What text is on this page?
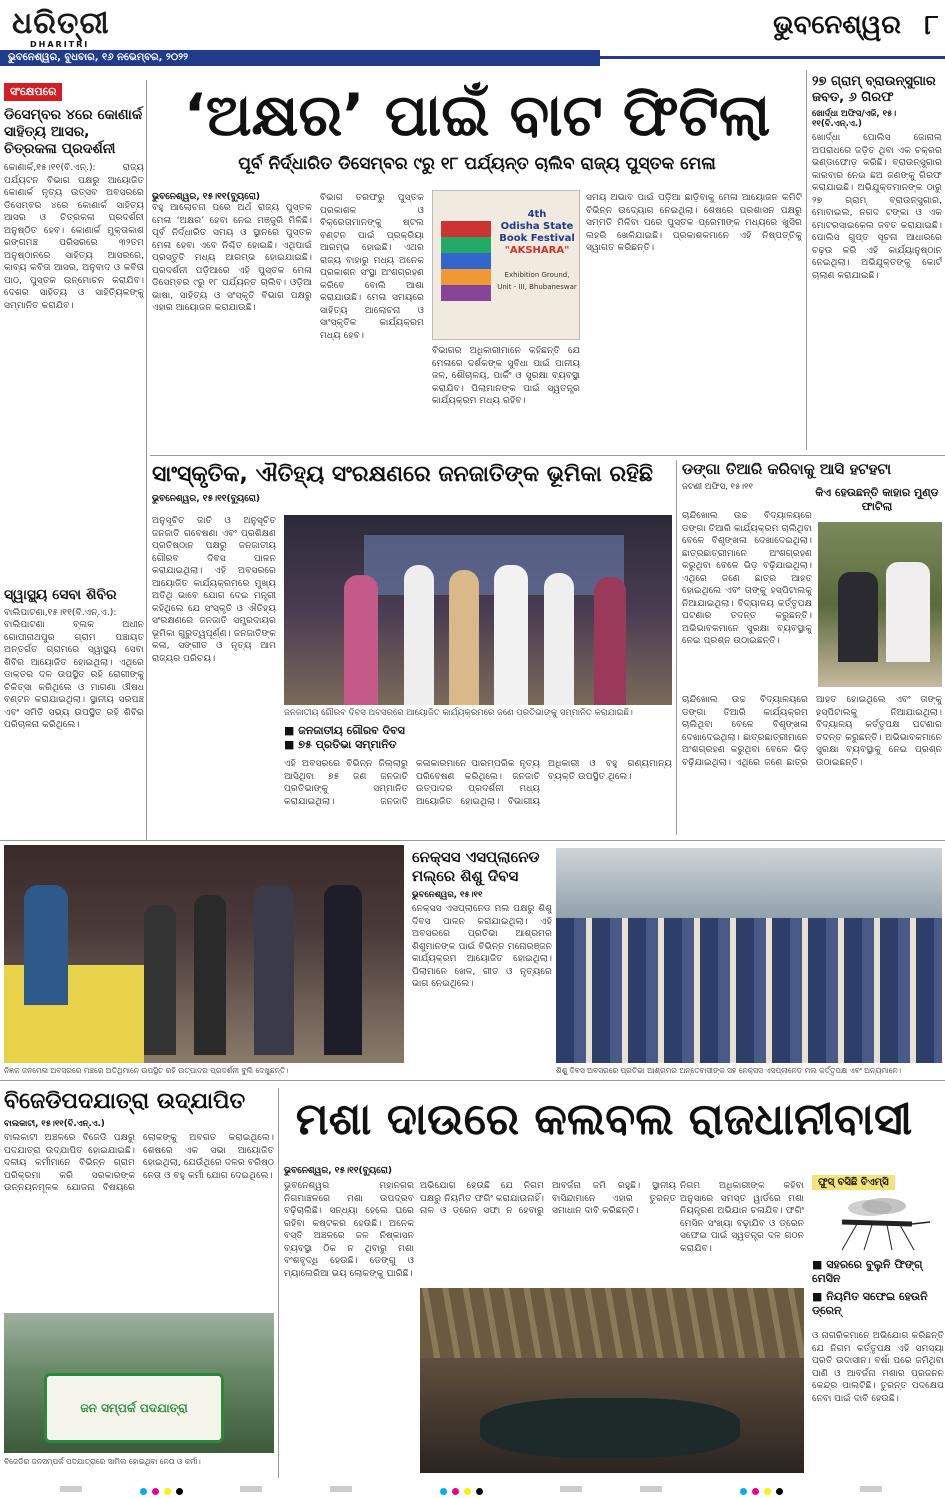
ଧରିତ୍ରୀ
DHARITRI
ଭୁବନେଶ୍ୱର, ବୁଧବାର, ୧୬ ନଭେମ୍ବର, ୨୦୨୨
ଭୁବନେଶ୍ୱର ୮
ସଂକ୍ଷେପରେ
ଡିସେମ୍ବର ୪ରେ କୋଣାର୍କ ସାହିତ୍ୟ ଆସର, ଚିତ୍ରକଳା ପ୍ରଦର୍ଶନୀ
କୋଣାର୍କ,୧୫।୧୧(ବି.ଏନ୍.): ରାଜ୍ୟ ପର୍ଯ୍ୟଟନ ବିଭାଗ ପକ୍ଷରୁ ଆୟୋଜିତ କୋଣାର୍କ ନୃତ୍ୟ ଉତ୍ସବ ଅବସରରେ ଡିସେମ୍ବର ୪ରେ କୋଣାର୍କ ସାହିତ୍ୟ ଆସର ଓ ଚିତ୍ରକଳା ପ୍ରଦର୍ଶନୀ ଅନୁଷ୍ଠିତ ହେବ। କୋଣାର୍କ ମୁକ୍ତାକାଶ ରଙ୍ଗମଞ୍ଚ ପରିସରରେ ୩୨ତମ ଅନୁଷ୍ଠାନରେ ସାହିତ୍ୟ ଆସରରେ, କାବ୍ୟ କବିତା ଆସର, ଅନୁବାଦ ଓ କବିତା ପାଠ, ପୁସ୍ତକ ଉନ୍ମୋଚନ କରାଯିବ। ଦେଶର ସାହିତ୍ୟ ଓ ସାହିତ୍ୟିକଙ୍କୁ ସମ୍ମାନିତ କରାଯିବ।
ସ୍ୱାସ୍ଥ୍ୟ ସେବା ଶିବିର
ବାଲିପାଟଣା,୧୫।୧୧(ବି.ଏନ୍.ଏ.): ବାଲିପାଟଣା ବ୍ଲକ ଅଧୀନ ଗୋପୀନାଥପୁର ଗ୍ରାମ ପଞ୍ଚାୟତ ଅନ୍ତର୍ଗତ ଗ୍ରାମରେ ସ୍ୱାସ୍ଥ୍ୟ ସେବା ଶିବିର ଆୟୋଜିତ ହୋଇଥିଲା। ଏଥିରେ ଡାକ୍ତର ଦଳ ଉପସ୍ଥିତ ରହି ରୋଗୀଙ୍କୁ ଚିକିତ୍ସା କରିଥିଲେ ଓ ମାଗଣା ଔଷଧ ବଣ୍ଟନ କରାଯାଇଥିଲା। ସ୍ଥାନୀୟ ସରପଞ୍ଚ ଏବଂ ସମିତି ସଭ୍ୟ ଉପସ୍ଥିତ ରହି ଶିବିର ପରିଚାଳନା କରିଥିଲେ।
‘ଅକ୍ଷର’ ପାଇଁ ବାଟ ଫିଟିଲା
ପୂର୍ବ ନିର୍ଦ୍ଧାରିତ ଡିସେମ୍ବର ୯ରୁ ୧୮ ପର୍ଯ୍ୟନ୍ତ ଚାଲିବ ରାଜ୍ୟ ପୁସ୍ତକ ମେଳା
ଭୁବନେଶ୍ୱର, ୧୫।୧୧(ବ୍ୟୁରୋ)
ବହୁ ଆଲୋଚନା ପରେ ଅର୍ଥ ରାଜ୍ୟ ପୁସ୍ତକ ମେଳା ‘ଅକ୍ଷର’ ହେବା ନେଇ ମଞ୍ଜୁରି ମିଳିଛି। ପୂର୍ବ ନିର୍ଦ୍ଧାରିତ ସମୟ ଓ ସ୍ଥାନରେ ପୁସ୍ତକ ମେଳା ହେବା ଏବେ ନିଶ୍ଚିତ ହୋଇଛି। ଏଥିପାଇଁ ପ୍ରସ୍ତୁତି ମଧ୍ୟ ଆରମ୍ଭ ହୋଇଯାଇଛି। ପ୍ରଦର୍ଶନୀ ପଡ଼ିଆରେ ଏହି ପୁସ୍ତକ ମେଳା ଡିସେମ୍ବର ୯ରୁ ୧୮ ପର୍ଯ୍ୟନ୍ତ ଚାଲିବ। ଓଡ଼ିଆ ଭାଷା, ସାହିତ୍ୟ ଓ ସଂସ୍କୃତି ବିଭାଗ ପକ୍ଷରୁ ଏହାର ଆୟୋଜନ କରାଯାଉଛି।
ବିଭାଗ ତରଫରୁ ପୁସ୍ତକ ପ୍ରକାଶକ ଓ ବିକ୍ରେତାମାନଙ୍କୁ ଷ୍ଟଲ ବଣ୍ଟନ ପାଇଁ ପ୍ରକ୍ରିୟା ଆରମ୍ଭ ହୋଇଛି। ଏଥର ରାଜ୍ୟ ବାହାରୁ ମଧ୍ୟ ଅନେକ ପ୍ରକାଶନ ସଂସ୍ଥା ଅଂଶଗ୍ରହଣ କରିବେ ବୋଲି ଆଶା କରାଯାଉଛି। ମେଳା ସମୟରେ ସାହିତ୍ୟ ଆଲୋଚନା ଓ ସାଂସ୍କୃତିକ କାର୍ଯ୍ୟକ୍ରମ ମଧ୍ୟ ହେବ।
4th
Odisha State
Book Festival
"AKSHARA"
Exhibition Ground,
Unit - III, Bhubaneswar
ବିଭାଗର ଅଧିକାରୀମାନେ କହିଛନ୍ତି ଯେ ମେଳାରେ ଦର୍ଶକଙ୍କ ସୁବିଧା ପାଇଁ ପାନୀୟ ଜଳ, ଶୌଚାଳୟ, ପାର୍କିଂ ଓ ସୁରକ୍ଷା ବ୍ୟବସ୍ଥା କରାଯିବ। ପିଲାମାନଙ୍କ ପାଇଁ ସ୍ୱତନ୍ତ୍ର କାର୍ଯ୍ୟକ୍ରମ ମଧ୍ୟ ରହିବ।
ସମୟ ଅଭାବ ପାଇଁ ପଡ଼ିଆ ଛାଡ଼ିବାକୁ ମେଳା ଆୟୋଜନ କମିଟି ବିଭିନ୍ନ ଉଦ୍ୟୋଗ ନେଇଥିଲା। ଶେଷରେ ପ୍ରଶାସନ ପକ୍ଷରୁ ସମ୍ମତି ମିଳିବା ପରେ ପୁସ୍ତକ ପ୍ରେମୀଙ୍କ ମଧ୍ୟରେ ଖୁସିର ଲହରି ଖେଳିଯାଇଛି। ପ୍ରକାଶକମାନେ ଏହି ନିଷ୍ପତ୍ତିକୁ ସ୍ୱାଗତ କରିଛନ୍ତି।
୨୭ ଗ୍ରାମ୍ ବ୍ରାଉନ୍‌ସୁଗାର ଜବତ, ୬ ଗିରଫ
ଖୋର୍ଦ୍ଧା ଅଫିସ/ଏଜି, ୧୫।୧୧(ବି.ଏନ୍.ଏ.)
ଖୋର୍ଦ୍ଧା ପୋଲିସ ଜୋନାଲ ଅପରାଧରେ ଜଡ଼ିତ ଥିବା ଏକ ଚକ୍ରର ଭଣ୍ଡାଫୋଡ଼ କରିଛି। ବ୍ରାଉନ୍‌ସୁଗାର କାରବାର ନେଇ ଛଅ ଜଣଙ୍କୁ ଗିରଫ କରାଯାଇଛି। ଅଭିଯୁକ୍ତମାନଙ୍କ ଠାରୁ ୨୭ ଗ୍ରାମ୍ ବ୍ରାଉନ୍‌ସୁଗାର, ମୋବାଇଲ, ନଗଦ ଟଙ୍କା ଓ ଏକ ମୋଟରସାଇକେଲ ଜବତ କରାଯାଇଛି। ପୋଲିସ ଗୁପ୍ତ ସୂଚନା ଆଧାରରେ ଚଢ଼ଉ କରି ଏହି କାର୍ଯ୍ୟାନୁଷ୍ଠାନ ନେଇଥିଲା। ଅଭିଯୁକ୍ତଙ୍କୁ କୋର୍ଟ ଚାଲାଣ କରାଯାଇଛି।
ସାଂସ୍କୃତିକ, ଐତିହ୍ୟ ସଂରକ୍ଷଣରେ ଜନଜାତିଙ୍କ ଭୂମିକା ରହିଛି
ଭୁବନେଶ୍ୱର, ୧୫।୧୧(ବ୍ୟୁରୋ)
ଅନୁସୂଚିତ ଜାତି ଓ ଅନୁସୂଚିତ ଜନଜାତି ଗବେଷଣା ଏବଂ ପ୍ରଶିକ୍ଷଣ ପ୍ରତିଷ୍ଠାନ ପକ୍ଷରୁ ଜନଜାତୀୟ ଗୌରବ ଦିବସ ପାଳନ କରାଯାଇଥିଲା। ଏହି ଅବସରରେ ଆୟୋଜିତ କାର୍ଯ୍ୟକ୍ରମରେ ମୁଖ୍ୟ ଅତିଥି ଭାବେ ଯୋଗ ଦେଇ ମନ୍ତ୍ରୀ କହିଥିଲେ ଯେ ସଂସ୍କୃତି ଓ ଐତିହ୍ୟ ସଂରକ୍ଷଣରେ ଜନଜାତି ସମ୍ପ୍ରଦାୟର ଭୂମିକା ଗୁରୁତ୍ୱପୂର୍ଣ୍ଣ। ଜନଜାତିଙ୍କ କଳା, ସଙ୍ଗୀତ ଓ ନୃତ୍ୟ ଆମ ରାଜ୍ୟର ପରିଚୟ।
ଜନଜାତୀୟ ଗୌରବ ଦିବସ ଅବସରରେ ଆୟୋଜିତ କାର୍ଯ୍ୟକ୍ରମରେ ଜଣେ ପ୍ରତିଭାଙ୍କୁ ସମ୍ମାନିତ କରାଯାଇଛି।
■ ଜନଜାତୀୟ ଗୌରବ ଦିବସ
■ ୭୫ ପ୍ରତିଭା ସମ୍ମାନିତ
ଏହି ଅବସରରେ ବିଭିନ୍ନ ଜିଲ୍ଲାରୁ ଆସିଥିବା ୭୫ ଜଣ ଜନଜାତି ପ୍ରତିଭାଙ୍କୁ ସମ୍ମାନିତ କରାଯାଇଥିଲା। ଜନଜାତି କଳାକାରମାନେ ପାରମ୍ପରିକ ନୃତ୍ୟ ପରିବେଷଣ କରିଥିଲେ। ଜନଜାତି ଉତ୍ପାଦର ପ୍ରଦର୍ଶନୀ ମଧ୍ୟ ଆୟୋଜିତ ହୋଇଥିଲା। ବିଭାଗୀୟ ଅଧିକାରୀ ଓ ବହୁ ଗଣ୍ୟମାନ୍ୟ ବ୍ୟକ୍ତି ଉପସ୍ଥିତ ଥିଲେ।
ଡଙ୍ଗା ତିଆରି କରିବାକୁ ଆସି ହଟହଟା
କିଏ ହେଉଛନ୍ତି କାହାର ମୁଣ୍ଡ ଫାଟିଲା
ଜଟଣୀ ଅଫିସ, ୧୫।୧୧
ଚାନ୍ଦିଖୋଲ ଉଚ୍ଚ ବିଦ୍ୟାଳୟରେ ଡଙ୍ଗା ତିଆରି କାର୍ଯ୍ୟକ୍ରମ ଚାଲିଥିବା ବେଳେ ବିଶୃଙ୍ଖଳା ଦେଖାଦେଇଥିଲା। ଛାତ୍ରଛାତ୍ରୀମାନେ ଅଂଶଗ୍ରହଣ କରୁଥିବା ବେଳେ ଭିଡ଼ ବଢ଼ିଯାଇଥିଲା। ଏଥିରେ ଜଣେ ଛାତ୍ର ଆହତ ହୋଇଥିଲେ ଏବଂ ତାଙ୍କୁ ହସ୍ପିଟାଲକୁ ନିଆଯାଇଥିଲା। ବିଦ୍ୟାଳୟ କର୍ତ୍ତୃପକ୍ଷ ଘଟଣାର ତଦନ୍ତ କରୁଛନ୍ତି। ଅଭିଭାବକମାନେ ସୁରକ୍ଷା ବ୍ୟବସ୍ଥାକୁ ନେଇ ପ୍ରଶ୍ନ ଉଠାଇଛନ୍ତି।
ଚାନ୍ଦିଖୋଲ ଉଚ୍ଚ ବିଦ୍ୟାଳୟରେ ଡଙ୍ଗା ତିଆରି କାର୍ଯ୍ୟକ୍ରମ ଚାଲିଥିବା ବେଳେ ବିଶୃଙ୍ଖଳା ଦେଖାଦେଇଥିଲା। ଛାତ୍ରଛାତ୍ରୀମାନେ ଅଂଶଗ୍ରହଣ କରୁଥିବା ବେଳେ ଭିଡ଼ ବଢ଼ିଯାଇଥିଲା। ଏଥିରେ ଜଣେ ଛାତ୍ର ଆହତ ହୋଇଥିଲେ ଏବଂ ତାଙ୍କୁ ହସ୍ପିଟାଲକୁ ନିଆଯାଇଥିଲା। ବିଦ୍ୟାଳୟ କର୍ତ୍ତୃପକ୍ଷ ଘଟଣାର ତଦନ୍ତ କରୁଛନ୍ତି। ଅଭିଭାବକମାନେ ସୁରକ୍ଷା ବ୍ୟବସ୍ଥାକୁ ନେଇ ପ୍ରଶ୍ନ ଉଠାଇଛନ୍ତି।
ନିଜ୍ଞକ ଜନମେଳା ଅବସରରେ ମଞ୍ଚରେ ଅତିଥିମାନେ ଉପସ୍ଥିତ ରହି ଉତ୍ପାଦର ପ୍ରଦର୍ଶନୀ ବୁଲି ଦେଖୁଛନ୍ତି।
ନେକ୍ସସ ଏସପ୍ଲାନେଡ ମଲ୍‌ରେ ଶିଶୁ ଦିବସ
ଭୁବନେଶ୍ୱର, ୧୫।୧୧
ନେକ୍ସସ ଏସପ୍ଲାନେଡ ମଲ ପକ୍ଷରୁ ଶିଶୁ ଦିବସ ପାଳନ କରାଯାଇଥିଲା। ଏହି ଅବସରରେ ପ୍ରତିଭା ଆଶ୍ରମର ଶିଶୁମାନଙ୍କ ପାଇଁ ବିଭିନ୍ନ ମନୋରଞ୍ଜନ କାର୍ଯ୍ୟକ୍ରମ ଆୟୋଜିତ ହୋଇଥିଲା। ପିଲାମାନେ ଖେଳ, ଗୀତ ଓ ନୃତ୍ୟରେ ଭାଗ ନେଇଥିଲେ।
ଶିଶୁ ଦିବସ ଅବସରରେ ପ୍ରତିଭା ଆଶ୍ରମର ଅନ୍ତେବାସୀଙ୍କ ସହ ନେକ୍ସସ ଏସପ୍ଲାନେଡ ମଲ କର୍ତ୍ତୃପକ୍ଷ ଏବଂ ଅନ୍ୟମାନେ।
ବିଜେଡିପଦଯାତ୍ରା ଉଦ୍‌ଯାପିତ
ବାଲକାଟୀ, ୧୫।୧୧(ବି.ଏନ୍.ଏ.)
ବାଲକାଟୀ ଅଞ୍ଚଳରେ ବିଜେଡି ପକ୍ଷରୁ ପଦଯାତ୍ରା ଉଦ୍‌ଯାପିତ ହୋଇଯାଇଛି। ଦଳୀୟ କର୍ମୀମାନେ ବିଭିନ୍ନ ଗ୍ରାମ ପରିକ୍ରମା କରି ସରକାରଙ୍କ ଉନ୍ନୟନମୂଳକ ଯୋଜନା ବିଷୟରେ ଲୋକଙ୍କୁ ଅବଗତ କରାଇଥିଲେ। ଶେଷରେ ଏକ ସଭା ଆୟୋଜିତ ହୋଇଥିଲା, ଯେଉଁଥିରେ ଦଳର ବରିଷ୍ଠ ନେତା ଓ ବହୁ କର୍ମୀ ଯୋଗ ଦେଇଥିଲେ।
ଜନ ସମ୍ପର୍କ ପଦଯାତ୍ରା
ବିଜେଡିର ଜନସମ୍ପର୍କ ପଦଯାତ୍ରାରେ ସାମିଲ ହୋଇଥିବା ନେତା ଓ କର୍ମୀ।
ମଶା ଦାଉରେ କଲବଲ ରାଜଧାନୀବାସୀ
ଭୁବନେଶ୍ୱର, ୧୫।୧୧(ବ୍ୟୁରୋ)
ଭୁବନେଶ୍ୱର ମହାନଗର ନିଗମାଞ୍ଚଳରେ ମଶା ଉପଦ୍ରବ ବଢ଼ିଚାଲିଛି। ସନ୍ଧ୍ୟା ହେଲେ ଘରେ ରହିବା କଷ୍ଟକର ହେଉଛି। ଅନେକ ବସ୍ତି ଅଞ୍ଚଳରେ ଜଳ ନିଷ୍କାସନ ବ୍ୟବସ୍ଥା ଠିକ ନ ଥିବାରୁ ମଶା ବଂଶବୃଦ୍ଧି ହେଉଛି। ଡେଙ୍ଗୁ ଓ ମ୍ୟାଲେରିଆ ଭୟ ଲୋକଙ୍କୁ ଘାରିଛି।
ଅଭିଯୋଗ ହେଉଛି ଯେ ନିଗମ ପକ୍ଷରୁ ନିୟମିତ ଫଗିଂ କରାଯାଉନାହିଁ। ନାଳ ଓ ଡ୍ରେନ ସଫା ନ ହେବାରୁ ଆବର୍ଜନା ଜମି ରହୁଛି। ସ୍ଥାନୀୟ ବାସିନ୍ଦାମାନେ ଏହାର ତୁରନ୍ତ ସମାଧାନ ଦାବି କରିଛନ୍ତି।
ନିଗମ ଅଧିକାରୀଙ୍କ କହିବା ଅନୁସାରେ ସମସ୍ତ ୱାର୍ଡରେ ମଶା ନିୟନ୍ତ୍ରଣ ଅଭିଯାନ ଚଳାଯିବ। ଫଗିଂ ମେସିନ ସଂଖ୍ୟା ବଢ଼ାଯିବ ଓ ଡ୍ରେନ ସଫେଇ ପାଇଁ ସ୍ୱତନ୍ତ୍ର ଦଳ ଗଠନ କରାଯିବ।
ଫୁସ୍ ବସିଛି ବିଏମ୍‌ସି
■ ସହରରେ ବୁଲୁନି ଫିଙ୍ଗ୍ ମେସିନ
■ ନିୟମିତ ସଫେଇ ହେଉନି ଡ୍ରେନ୍
ଓ ନାଗରିକମାନେ ଅଭିଯୋଗ କରିଛନ୍ତି ଯେ ନିଗମ କର୍ତ୍ତୃପକ୍ଷ ଏହି ସମସ୍ୟା ପ୍ରତି ଉଦାସୀନ। ବର୍ଷା ପରେ ଜମିଥିବା ପାଣି ଓ ଆବର୍ଜନା ମଶାର ପ୍ରଜନନ କେନ୍ଦ୍ର ପାଲଟିଛି। ତୁରନ୍ତ ପଦକ୍ଷେପ ନେବା ପାଇଁ ଦାବି ହେଉଛି।
